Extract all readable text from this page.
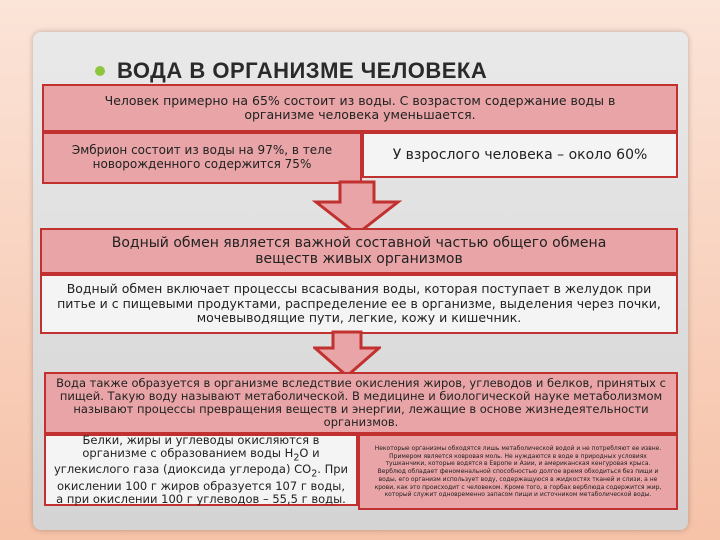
ВОДА В ОРГАНИЗМЕ ЧЕЛОВЕКА
Человек примерно на 65% состоит из воды. С возрастом содержание воды в организме человека уменьшается.
Эмбрион состоит из воды на 97%, в теле новорожденного содержится 75%
У взрослого человека – около 60%
Водный обмен является важной составной частью общего обмена веществ живых организмов
Водный обмен включает процессы всасывания воды, которая поступает в желудок при питье и с пищевыми продуктами, распределение ее в организме, выделения через почки, мочевыводящие пути, легкие, кожу и кишечник.
Вода также образуется в организме вследствие окисления жиров, углеводов и белков, принятых с пищей. Такую воду называют метаболической. В медицине и биологической науке метаболизмом называют процессы превращения веществ и энергии, лежащие в основе жизнедеятельности организмов.
Белки, жиры и углеводы окисляются в организме с образованием воды $H_2O$ и углекислого газа (диоксида углерода) $CO_2$. При окислении 100 г жиров образуется 107 г воды, а при окислении 100 г углеводов – 55,5 г воды.
Некоторые организмы обходятся лишь метаболической водой и не потребляют ее извне. Примером является ковровая моль. Не нуждаются в воде в природных условиях тушканчики, которые водятся в Европе и Азии, и американская кенгуровая крыса. Верблюд обладает феноменальной способностью долгое время обходиться без пищи и воды, его организм использует воду, содержащуюся в жидкостях тканей и слизи, а не крови, как это происходит с человеком. Кроме того, в горбах верблюда содержится жир, который служит одновременно запасом пищи и источником метаболической воды.
